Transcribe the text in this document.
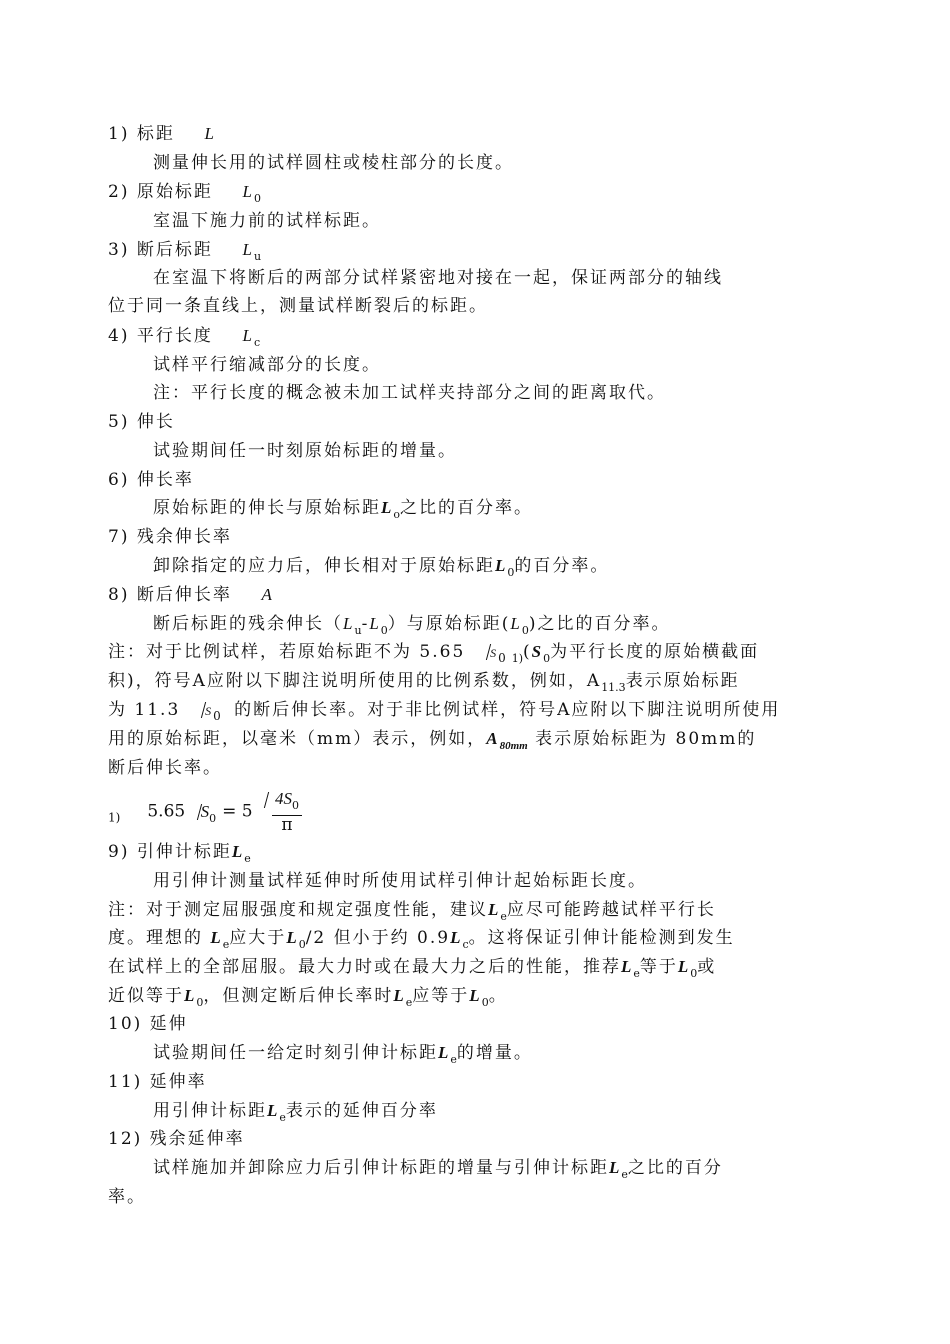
1) 标距 L
测量伸长用的试样圆柱或棱柱部分的长度。
2) 原始标距 $L_0$
室温下施力前的试样标距。
3) 断后标距 $L_u$
在室温下将断后的两部分试样紧密地对接在一起，保证两部分的轴线
位于同一条直线上，测量试样断裂后的标距。
4) 平行长度 $L_c$
试样平行缩减部分的长度。
注：平行长度的概念被未加工试样夹持部分之间的距离取代。
5) 伸长
试验期间任一时刻原始标距的增量。
6) 伸长率
原始标距的伸长与原始标距$L_o$之比的百分率。
7) 残余伸长率
卸除指定的应力后，伸长相对于原始标距$L_0$的百分率。
8) 断后伸长率 A
断后标距的残余伸长$(L_u-L_0)$与原始标距$(L_0)$之比的百分率。
注：对于比例试样，若原始标距不为 5.65 $S_0$ $_{1)}(S_0$为平行长度的原始横截面
积)，符号A应附以下脚注说明所使用的比例系数，例如，$A_{11.3}$表示原始标距
为 11.3 $S_0$ 的断后伸长率。对于非比例试样，符号A应附以下脚注说明所使用
用的原始标距，以毫米（mm）表示，例如，$A_{80mm}$ 表示原始标距为 80mm的
断后伸长率。
$_{1)}$ 5.65 $S_0 = 5 \frac{4S_0}{\pi}$
9) 引伸计标距$L_e$
用引伸计测量试样延伸时所使用试样引伸计起始标距长度。
注：对于测定屈服强度和规定强度性能，建议$L_e$应尽可能跨越试样平行长
度。理想的 $L_e$应大于$L_0/2$ 但小于约 $0.9L_c$。这将保证引伸计能检测到发生
在试样上的全部屈服。最大力时或在最大力之后的性能，推荐$L_e$等于$L_0$或
近似等于$L_0$，但测定断后伸长率时$L_e$应等于$L_0$。
10) 延伸
试验期间任一给定时刻引伸计标距$L_e$的增量。
11) 延伸率
用引伸计标距$L_e$表示的延伸百分率
12) 残余延伸率
试样施加并卸除应力后引伸计标距的增量与引伸计标距$L_e$之比的百分
率。
